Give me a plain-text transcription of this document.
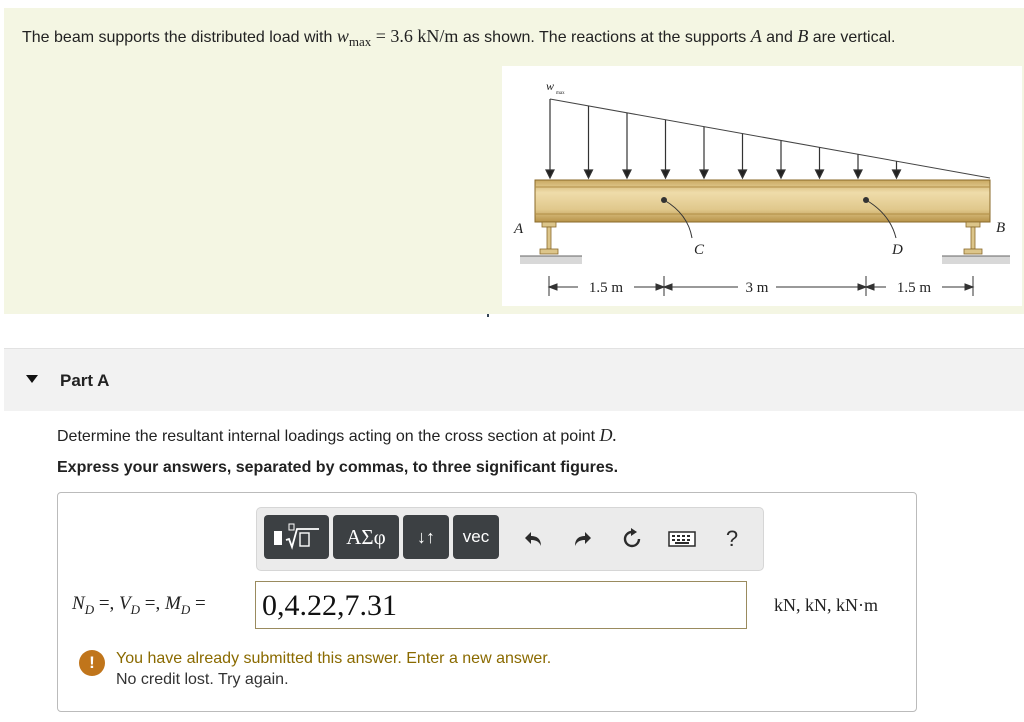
The beam supports the distributed load with $w_{max} = 3.6$ kN/m as shown. The reactions at the supports A and B are vertical.
w
max
C	D
A	B
1.5 m	3 m	1.5 m
Part A
Determine the resultant internal loadings acting on the cross section at point D.
Express your answers, separated by commas, to three significant figures.
ΑΣφ	↓↑	vec	?
$N_D$ =, $V_D$ =, $M_D = 0,4.22,7.31$	kN, kN, kN·m
!	You have already submitted this answer. Enter a new answer.
No credit lost. Try again.
